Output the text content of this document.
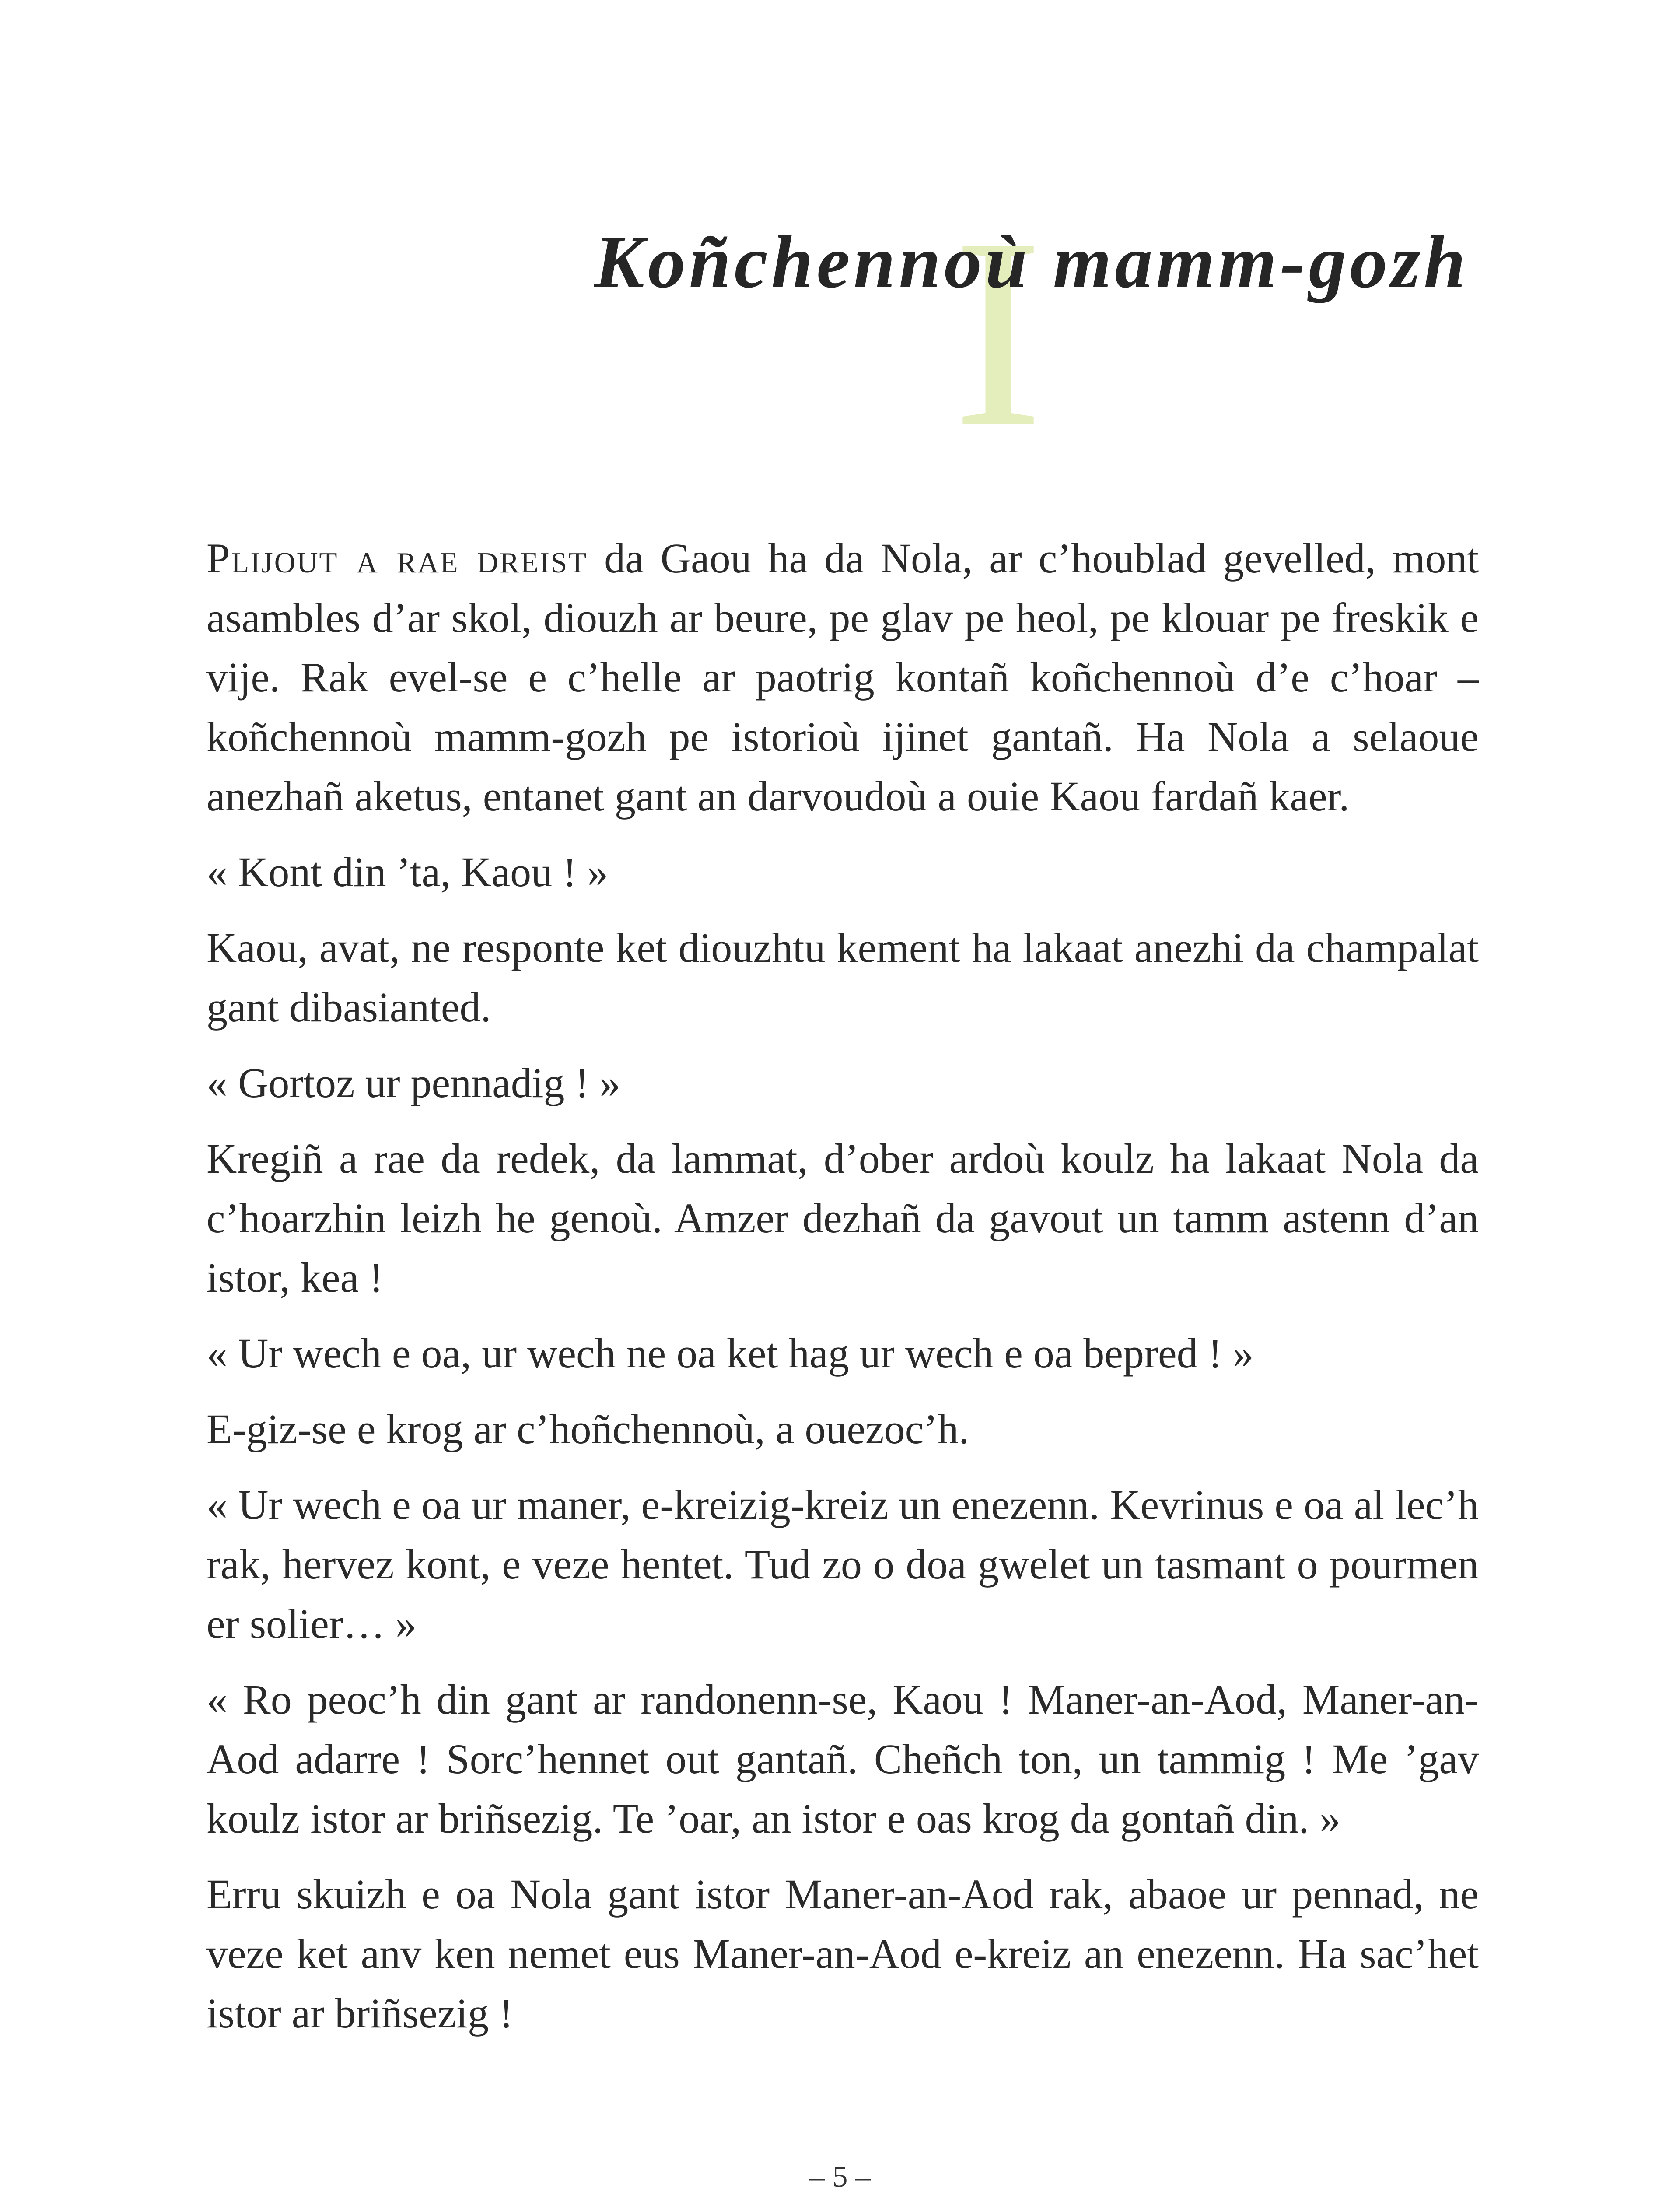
I
Koñchennoù mamm-gozh

Plijout a rae dreist da Gaou ha da Nola, ar c’houblad gevelled, mont asambles d’ar skol, diouzh ar beure, pe glav pe heol, pe klouar pe freskik e vije. Rak evel-se e c’helle ar paotrig kontañ koñchennoù d’e c’hoar – koñchennoù mamm-gozh pe istorioù ijinet gantañ. Ha Nola a selaoue anezhañ aketus, entanet gant an darvoudoù a ouie Kaou fardañ kaer.

« Kont din ’ta, Kaou ! »

Kaou, avat, ne responte ket diouzhtu kement ha lakaat anezhi da champalat gant dibasianted.

« Gortoz ur pennadig ! »

Kregiñ a rae da redek, da lammat, d’ober ardoù koulz ha lakaat Nola da c’hoarzhin leizh he genoù. Amzer dezhañ da gavout un tamm astenn d’an istor, kea !

« Ur wech e oa, ur wech ne oa ket hag ur wech e oa bepred ! »

E-giz-se e krog ar c’hoñchennoù, a ouezoc’h.

« Ur wech e oa ur maner, e-kreizig-kreiz un enezenn. Kevrinus e oa al lec’h rak, hervez kont, e veze hentet. Tud zo o doa gwelet un tasmant o pourmen er solier… »

« Ro peoc’h din gant ar randonenn-se, Kaou ! Maner-an-Aod, Maner-an-Aod adarre ! Sorc’hennet out gantañ. Cheñch ton, un tammig ! Me ’gav koulz istor ar briñsezig. Te ’oar, an istor e oas krog da gontañ din. »

Erru skuizh e oa Nola gant istor Maner-an-Aod rak, abaoe ur pennad, ne veze ket anv ken nemet eus Maner-an-Aod e-kreiz an enezenn. Ha sac’het istor ar briñsezig !

– 5 –
